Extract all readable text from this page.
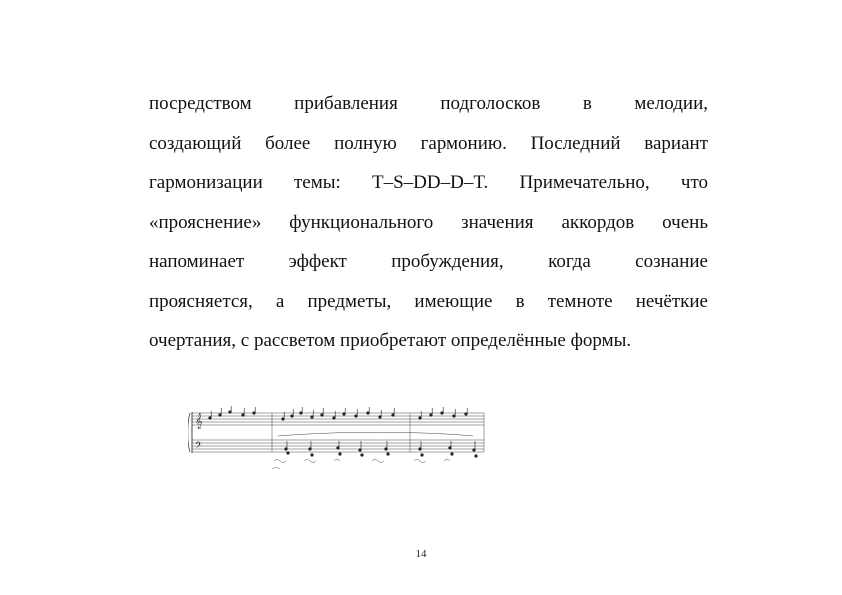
посредством прибавления подголосков в мелодии,
создающий более полную гармонию. Последний вариант
гармонизации темы: T–S–DD–D–T. Примечательно, что
«прояснение» функционального значения аккордов очень
напоминает эффект пробуждения, когда сознание
проясняется, а предметы, имеющие в темноте нечёткие
очертания, с рассветом приобретают определённые формы.
𝄞
𝄢
14
